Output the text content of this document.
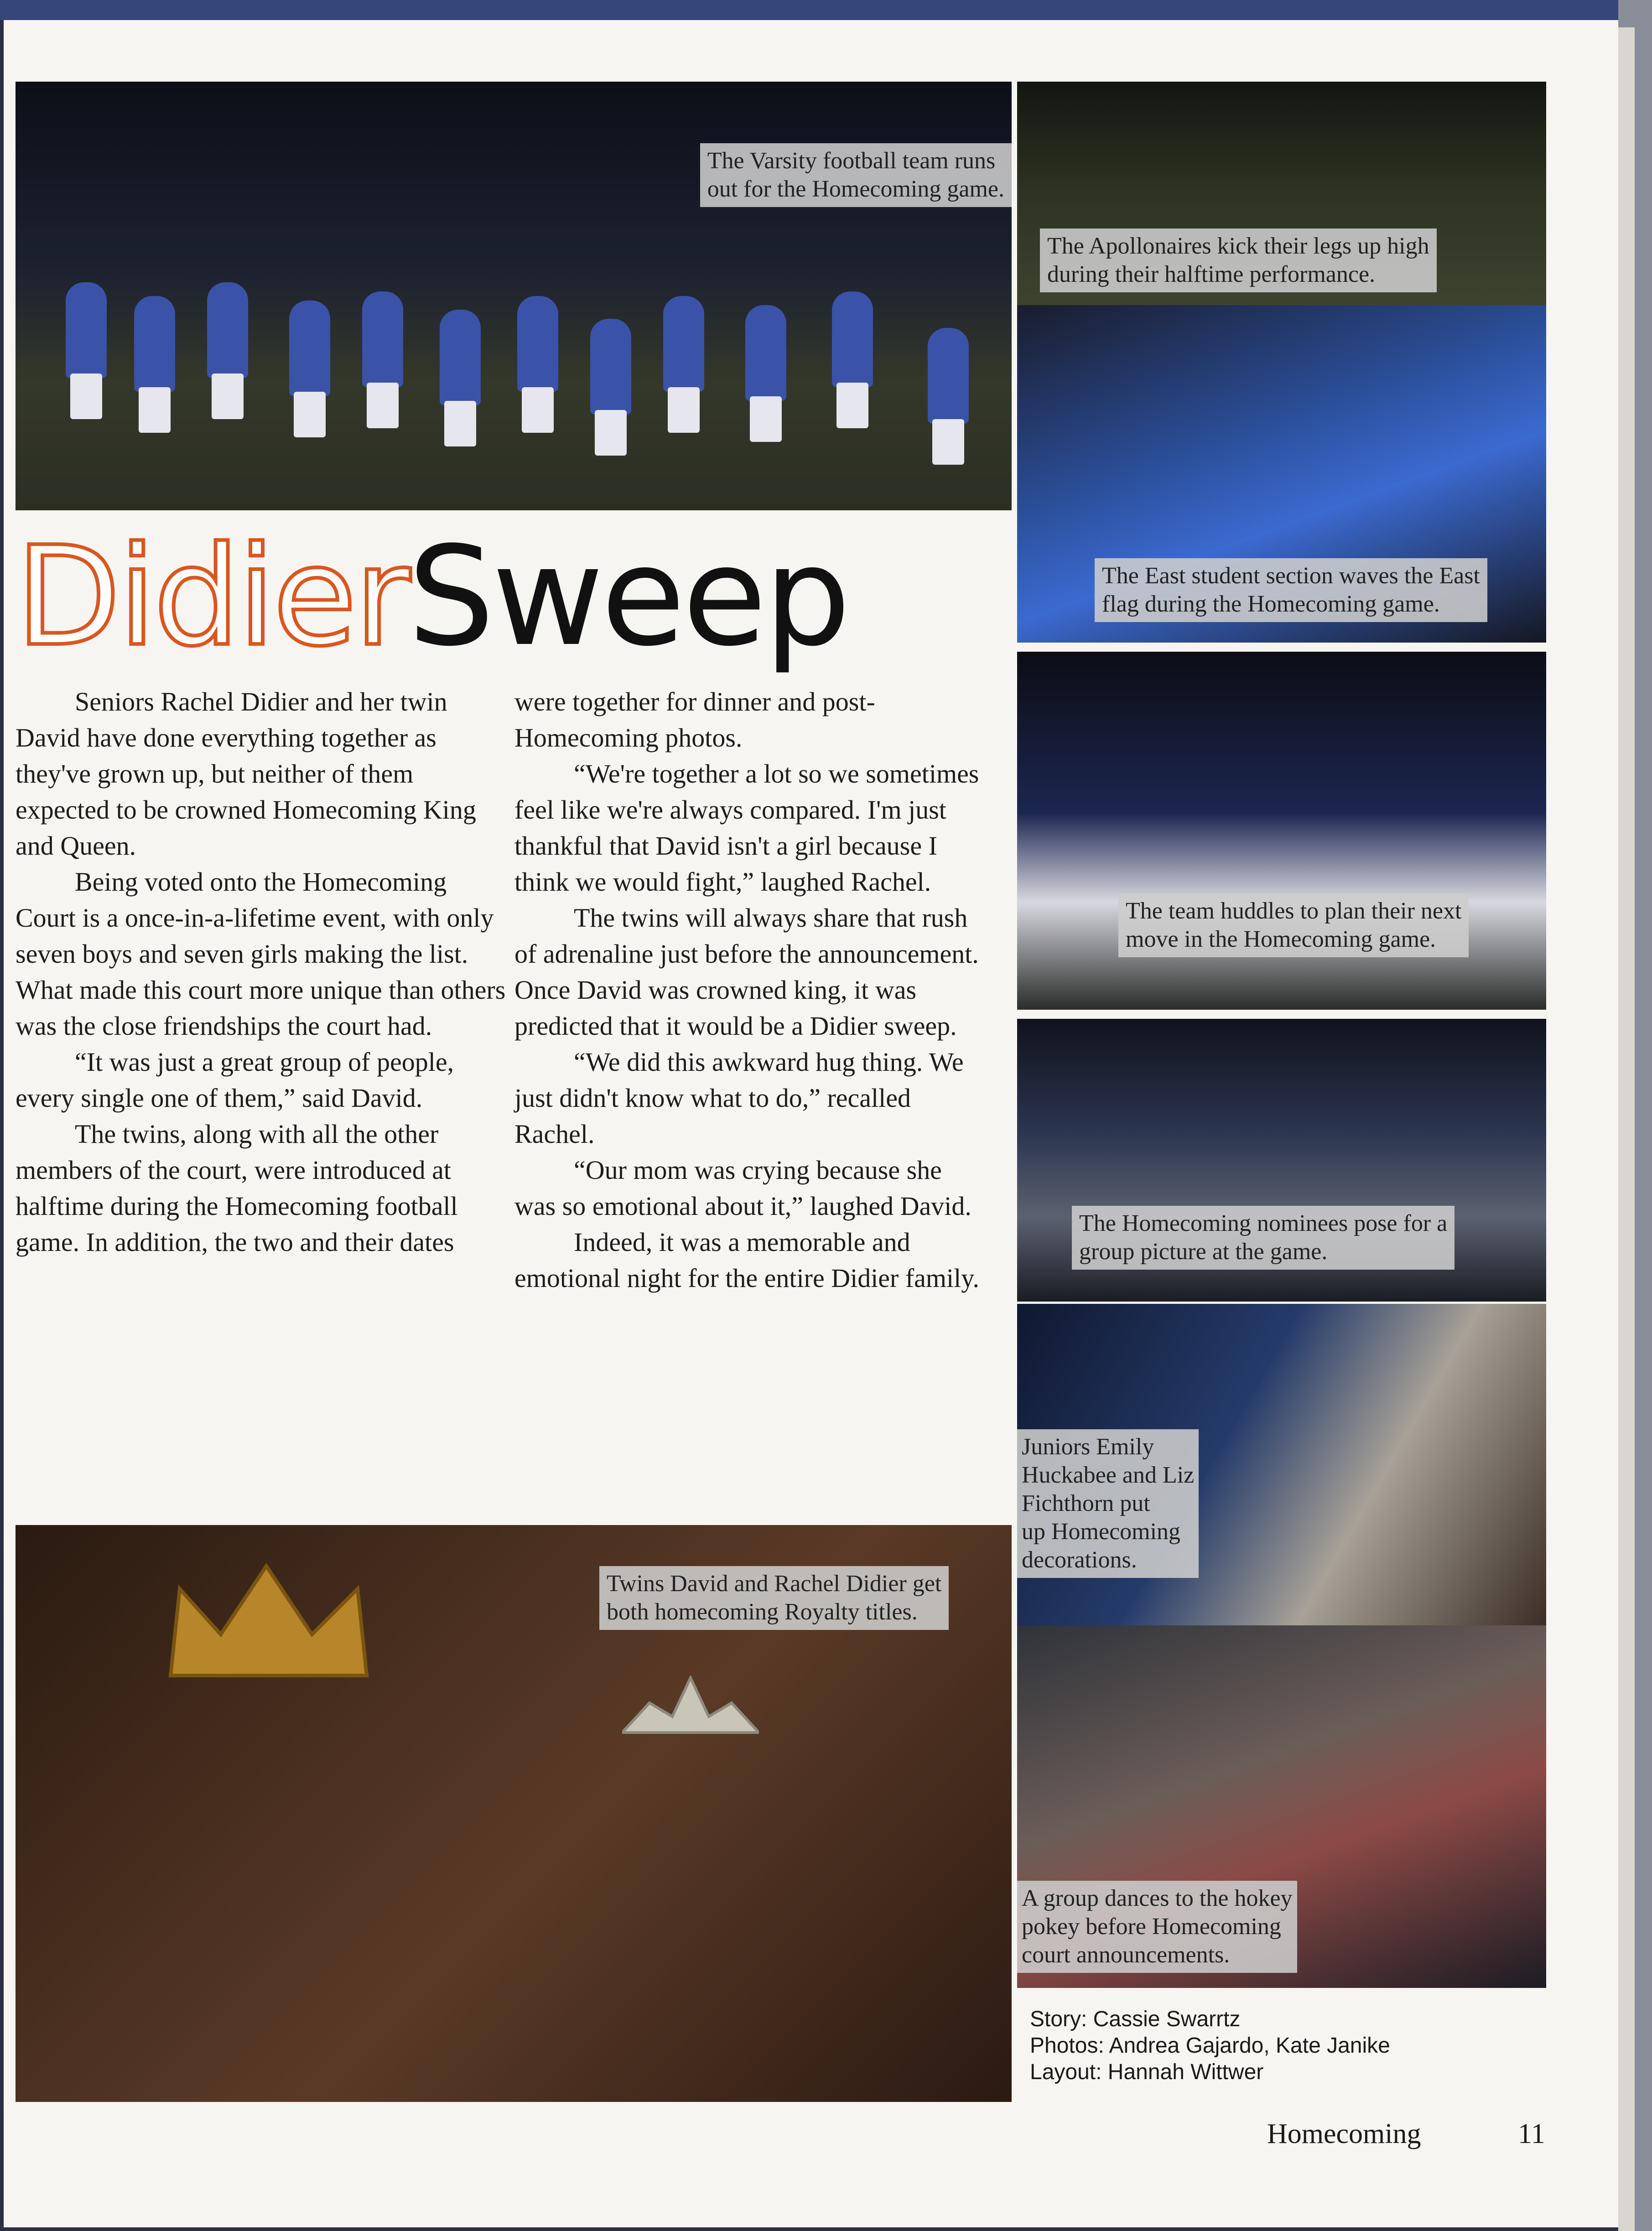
The Varsity football team runs
out for the Homecoming game.
The Apollonaires kick their legs up high
during their halftime performance.
The East student section waves the East
flag during the Homecoming game.
The team huddles to plan their next
move in the Homecoming game.
The Homecoming nominees pose for a
group picture at the game.
Juniors Emily
Huckabee and Liz
Fichthorn put
up Homecoming
decorations.
A group dances to the hokey
pokey before Homecoming
court announcements.
Twins David and Rachel Didier get
both homecoming Royalty titles.
DidierSweep

Seniors Rachel Didier and her twin David have done everything together as they've grown up, but neither of them expected to be crowned Homecoming King and Queen.

Being voted onto the Homecoming Court is a once-in-a-lifetime event, with only seven boys and seven girls making the list. What made this court more unique than others was the close friendships the court had.

“It was just a great group of people, every single one of them,” said David.

The twins, along with all the other members of the court, were introduced at halftime during the Homecoming football game. In addition, the two and their dates

were together for dinner and post-Homecoming photos.

“We're together a lot so we sometimes feel like we're always compared. I'm just thankful that David isn't a girl because I think we would fight,” laughed Rachel.

The twins will always share that rush of adrenaline just before the announcement. Once David was crowned king, it was predicted that it would be a Didier sweep.

“We did this awkward hug thing. We just didn't know what to do,” recalled Rachel.

“Our mom was crying because she was so emotional about it,” laughed David.

Indeed, it was a memorable and emotional night for the entire Didier family.

Story: Cassie Swarrtz
Photos: Andrea Gajardo, Kate Janike
Layout: Hannah Wittwer
Homecoming	11
